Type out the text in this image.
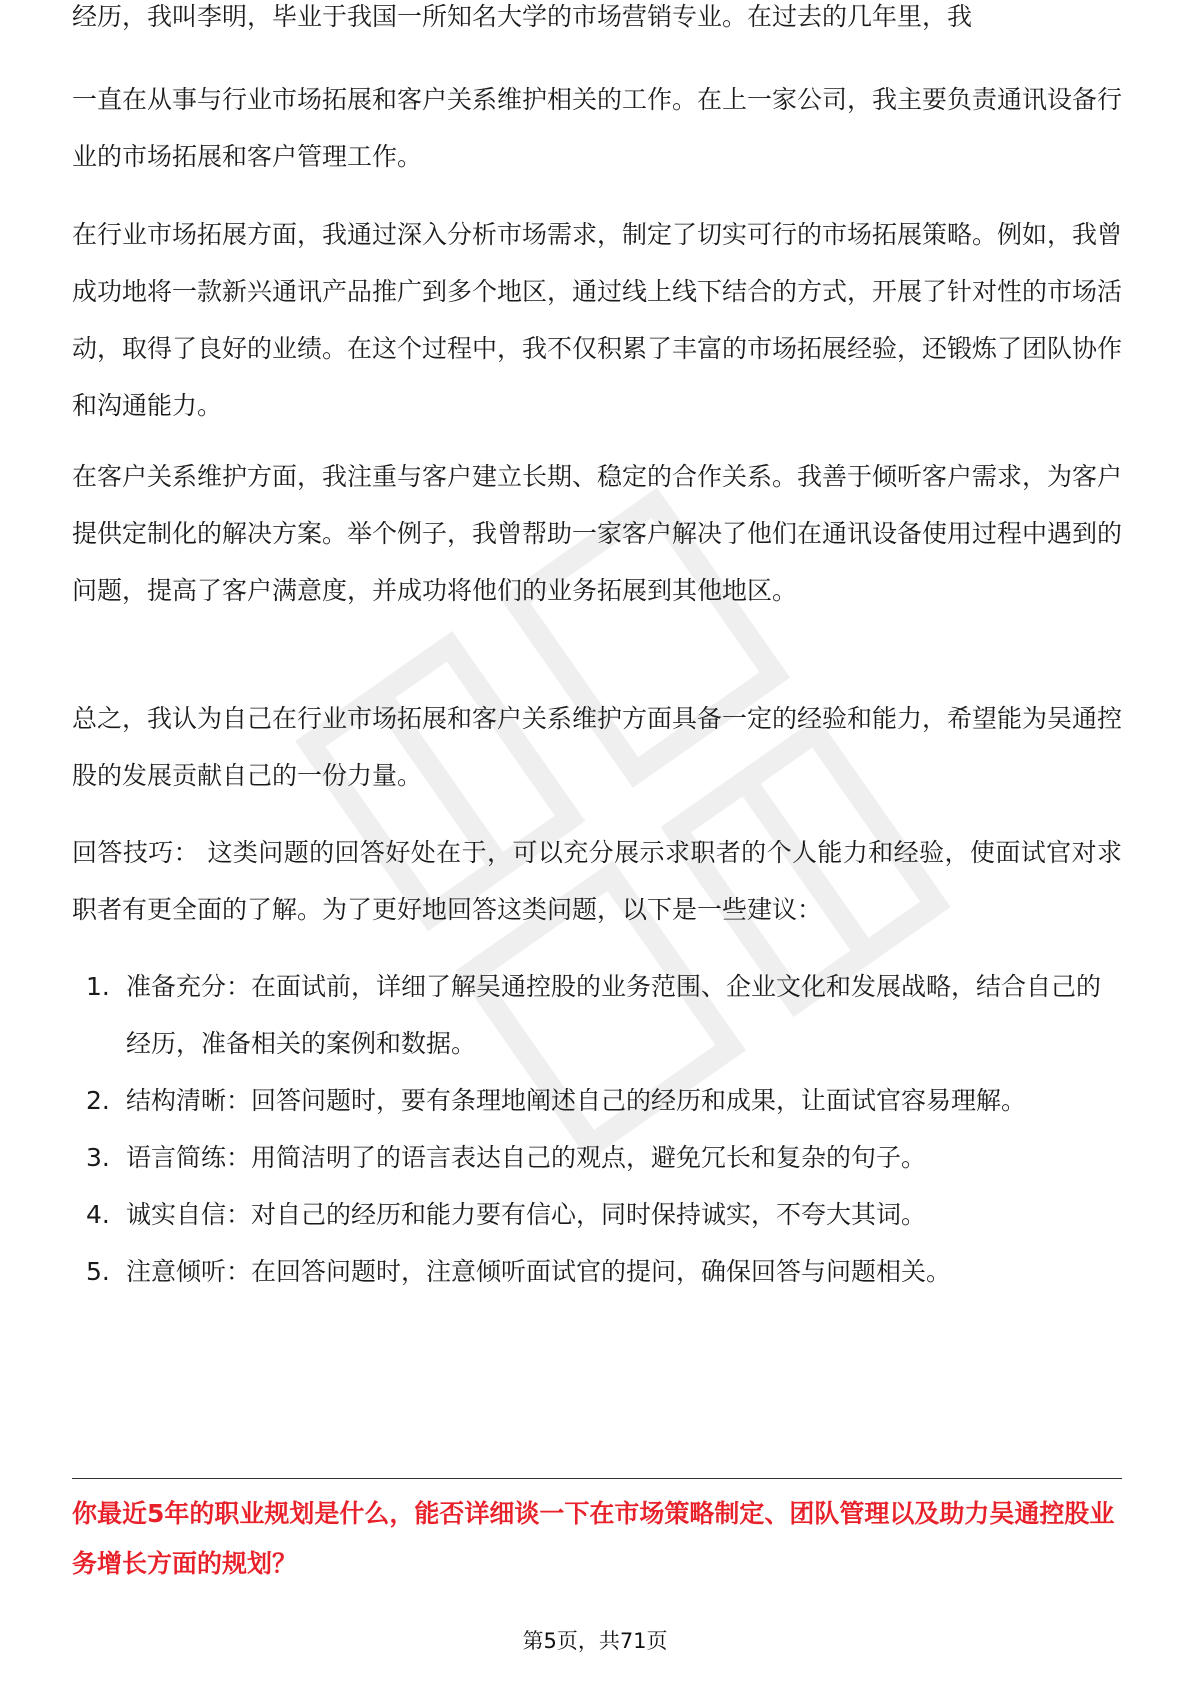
经历，我叫李明，毕业于我国一所知名大学的市场营销专业。在过去的几年里，我

一直在从事与行业市场拓展和客户关系维护相关的工作。在上一家公司，我主要负责通讯设备行业的市场拓展和客户管理工作。

在行业市场拓展方面，我通过深入分析市场需求，制定了切实可行的市场拓展策略。例如，我曾成功地将一款新兴通讯产品推广到多个地区，通过线上线下结合的方式，开展了针对性的市场活动，取得了良好的业绩。在这个过程中，我不仅积累了丰富的市场拓展经验，还锻炼了团队协作和沟通能力。

在客户关系维护方面，我注重与客户建立长期、稳定的合作关系。我善于倾听客户需求，为客户提供定制化的解决方案。举个例子，我曾帮助一家客户解决了他们在通讯设备使用过程中遇到的问题，提高了客户满意度，并成功将他们的业务拓展到其他地区。

总之，我认为自己在行业市场拓展和客户关系维护方面具备一定的经验和能力，希望能为吴通控股的发展贡献自己的一份力量。

回答技巧： 这类问题的回答好处在于，可以充分展示求职者的个人能力和经验，使面试官对求职者有更全面的了解。为了更好地回答这类问题，以下是一些建议：

1. 准备充分：在面试前，详细了解吴通控股的业务范围、企业文化和发展战略，结合自己的经历，准备相关的案例和数据。
2. 结构清晰：回答问题时，要有条理地阐述自己的经历和成果，让面试官容易理解。
3. 语言简练：用简洁明了的语言表达自己的观点，避免冗长和复杂的句子。
4. 诚实自信：对自己的经历和能力要有信心，同时保持诚实，不夸大其词。
5. 注意倾听：在回答问题时，注意倾听面试官的提问，确保回答与问题相关。
你最近5年的职业规划是什么，能否详细谈一下在市场策略制定、团队管理以及助力吴通控股业务增长方面的规划？
第5页，共71页
